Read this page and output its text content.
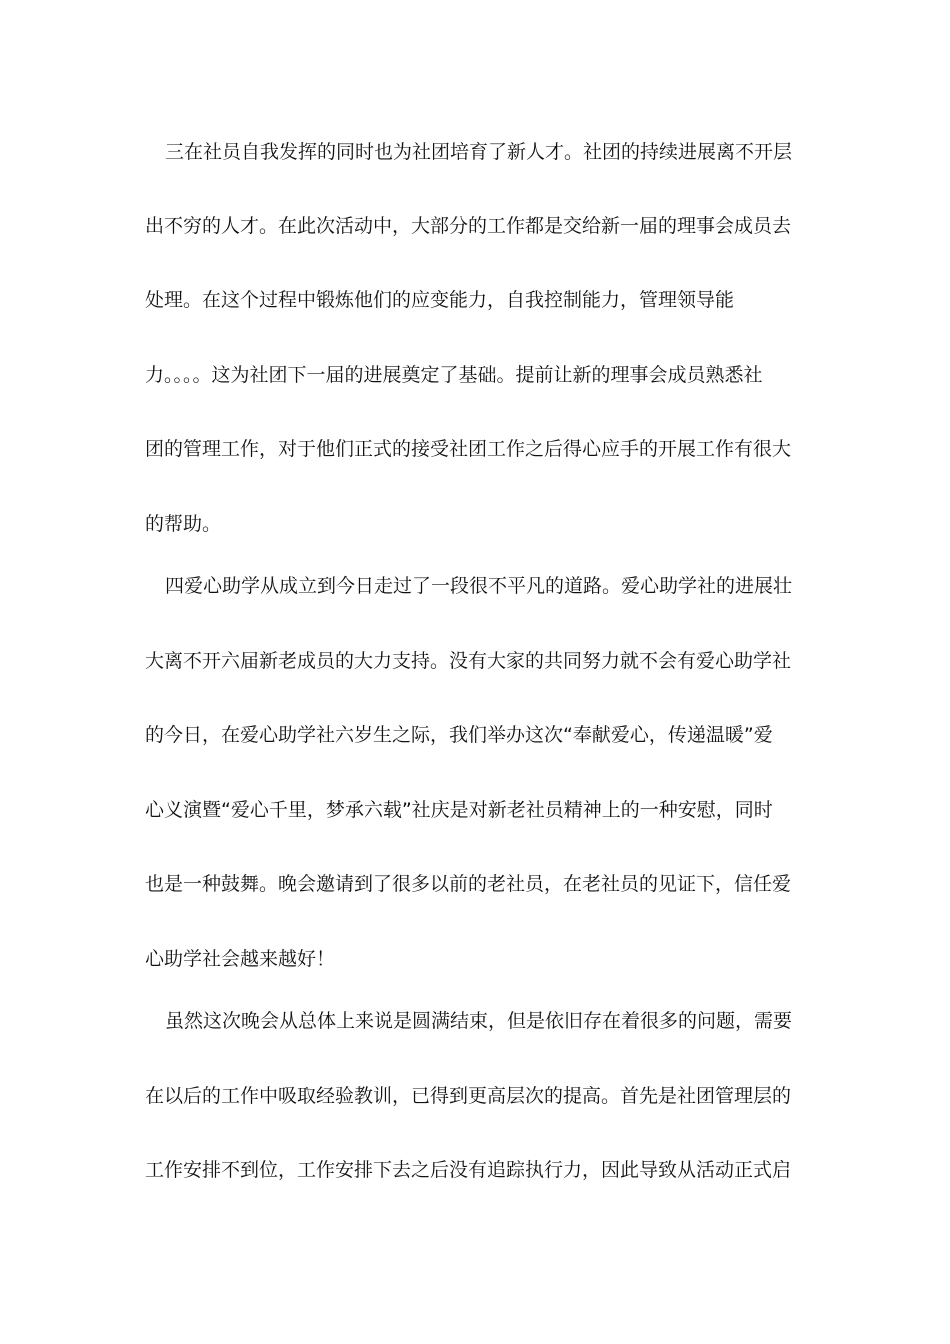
三在社员自我发挥的同时也为社团培育了新人才。社团的持续进展离不开层
出不穷的人才。在此次活动中，大部分的工作都是交给新一届的理事会成员去
处理。在这个过程中锻炼他们的应变能力，自我控制能力，管理领导能
力。。。。这为社团下一届的进展奠定了基础。提前让新的理事会成员熟悉社
团的管理工作，对于他们正式的接受社团工作之后得心应手的开展工作有很大
的帮助。
四爱心助学从成立到今日走过了一段很不平凡的道路。爱心助学社的进展壮
大离不开六届新老成员的大力支持。没有大家的共同努力就不会有爱心助学社
的今日，在爱心助学社六岁生之际，我们举办这次“奉献爱心，传递温暖”爱
心义演暨“爱心千里，梦承六载”社庆是对新老社员精神上的一种安慰，同时
也是一种鼓舞。晚会邀请到了很多以前的老社员，在老社员的见证下，信任爱
心助学社会越来越好！
虽然这次晚会从总体上来说是圆满结束，但是依旧存在着很多的问题，需要
在以后的工作中吸取经验教训，已得到更高层次的提高。首先是社团管理层的
工作安排不到位，工作安排下去之后没有追踪执行力，因此导致从活动正式启
